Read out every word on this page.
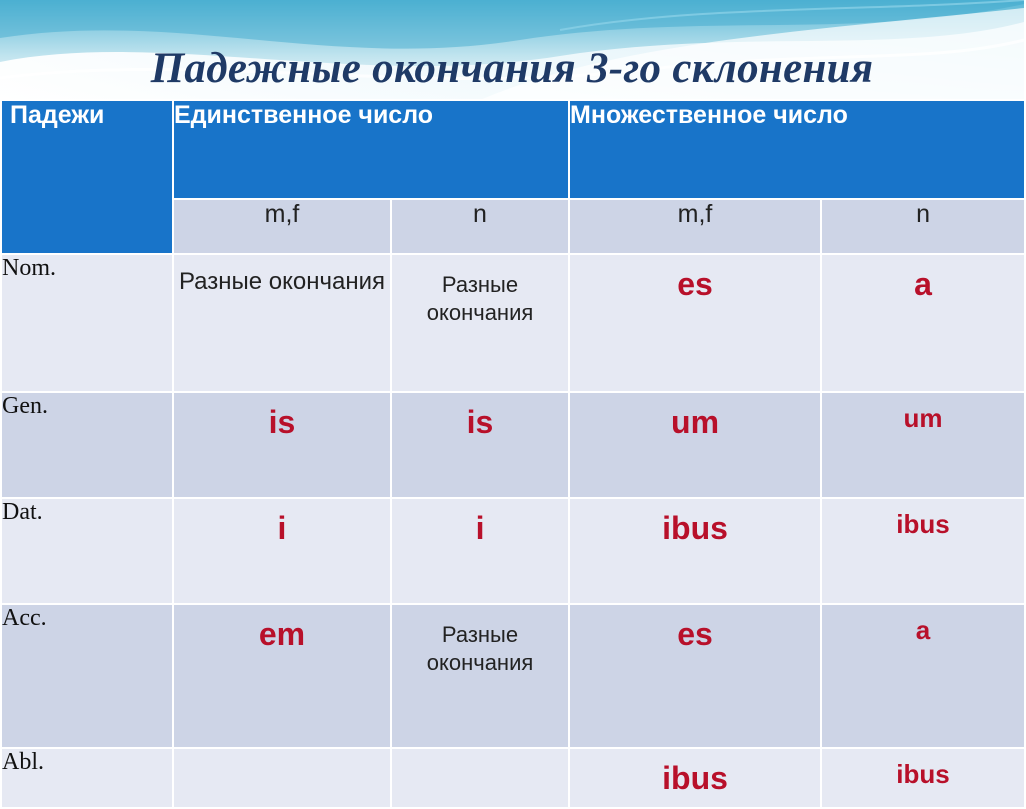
Падежные окончания 3-го склонения
Падежи	Единственное число		Множественное число	
	m,f	n	m,f	n
Nom.	Разные окончания	Разные окончания	es	a

Gen.	is	is	um	um

Dat.	i	i	ibus	ibus

Acc.	em	Разные окончания	es	a

Abl.			ibus	ibus
